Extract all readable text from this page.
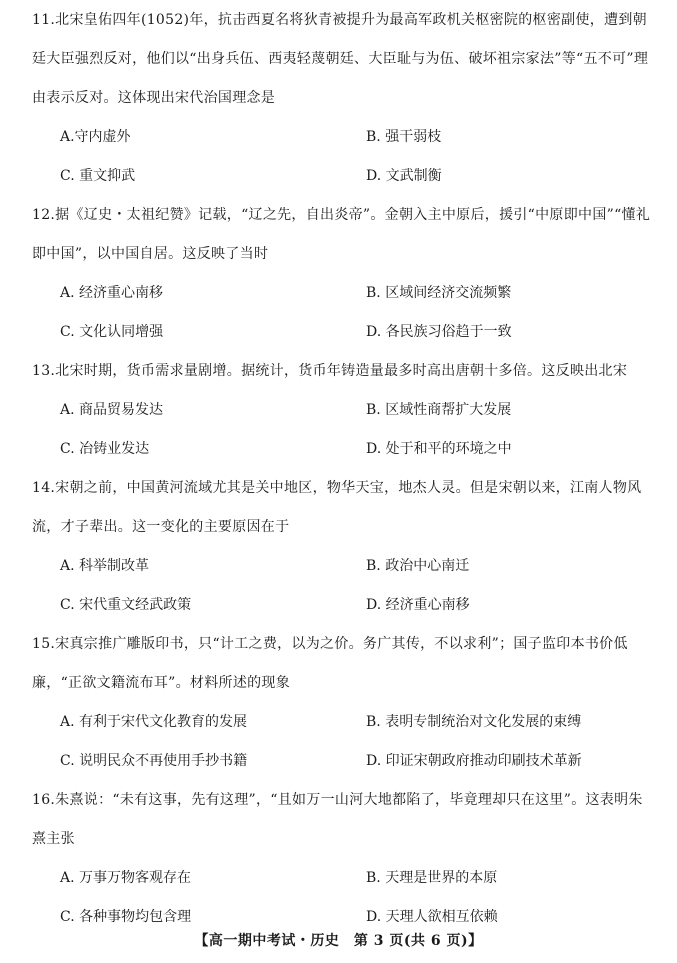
11.北宋皇佑四年(1052)年，抗击西夏名将狄青被提升为最高军政机关枢密院的枢密副使，遭到朝廷大臣强烈反对，他们以“出身兵伍、西夷轻蔑朝廷、大臣耻与为伍、破坏祖宗家法”等“五不可”理由表示反对。这体现出宋代治国理念是

A.守内虚外	B. 强干弱枝
C. 重文抑武	D. 文武制衡

12.据《辽史・太祖纪赞》记载，“辽之先，自出炎帝”。金朝入主中原后，援引“中原即中国”“懂礼即中国”，以中国自居。这反映了当时

A. 经济重心南移	B. 区域间经济交流频繁
C. 文化认同增强	D. 各民族习俗趋于一致

13.北宋时期，货币需求量剧增。据统计，货币年铸造量最多时高出唐朝十多倍。这反映出北宋

A. 商品贸易发达	B. 区域性商帮扩大发展
C. 冶铸业发达	D. 处于和平的环境之中

14.宋朝之前，中国黄河流域尤其是关中地区，物华天宝，地杰人灵。但是宋朝以来，江南人物风流，才子辈出。这一变化的主要原因在于

A. 科举制改革	B. 政治中心南迁
C. 宋代重文经武政策	D. 经济重心南移

15.宋真宗推广雕版印书，只“计工之费，以为之价。务广其传，不以求利”；国子监印本书价低廉，“正欲文籍流布耳”。材料所述的现象

A. 有利于宋代文化教育的发展	B. 表明专制统治对文化发展的束缚
C. 说明民众不再使用手抄书籍	D. 印证宋朝政府推动印刷技术革新

16.朱熹说：“未有这事，先有这理”，“且如万一山河大地都陷了，毕竟理却只在这里”。这表明朱熹主张

A. 万事万物客观存在	B. 天理是世界的本原
C. 各种事物均包含理	D. 天理人欲相互依赖
【高一期中考试・历史　第 3 页(共 6 页)】
